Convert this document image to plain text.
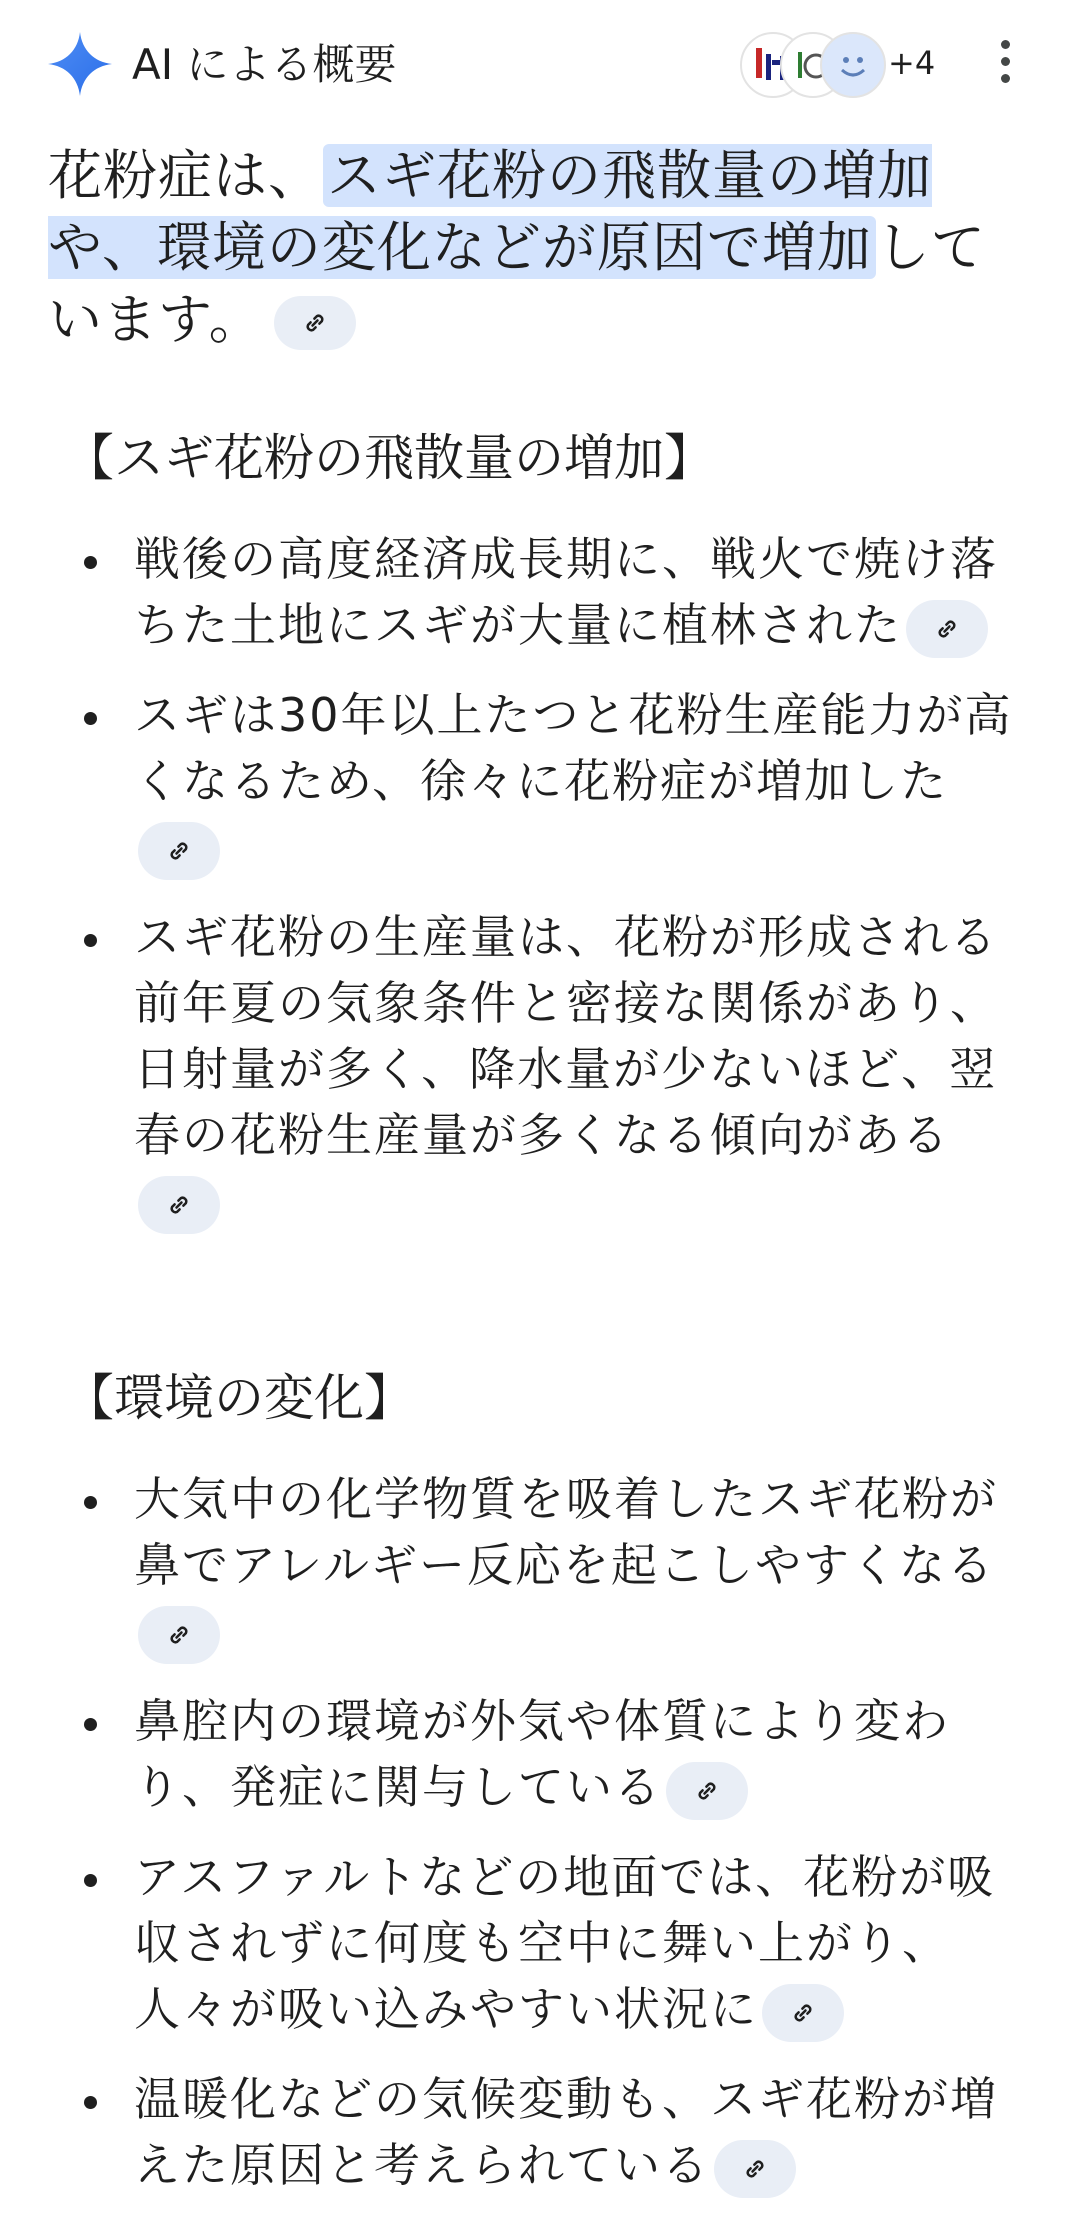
AI による概要	+4
花粉症は、スギ花粉の飛散量の増加や、環境の変化などが原因で増加しています。
【スギ花粉の飛散量の増加】
戦後の高度経済成長期に、戦火で焼け落ちた土地にスギが大量に植林された
スギは30年以上たつと花粉生産能力が高くなるため、徐々に花粉症が増加した
スギ花粉の生産量は、花粉が形成される前年夏の気象条件と密接な関係があり、日射量が多く、降水量が少ないほど、翌春の花粉生産量が多くなる傾向がある
【環境の変化】
大気中の化学物質を吸着したスギ花粉が鼻でアレルギー反応を起こしやすくなる
鼻腔内の環境が外気や体質により変わり、発症に関与している
アスファルトなどの地面では、花粉が吸収されずに何度も空中に舞い上がり、人々が吸い込みやすい状況に
温暖化などの気候変動も、スギ花粉が増えた原因と考えられている
